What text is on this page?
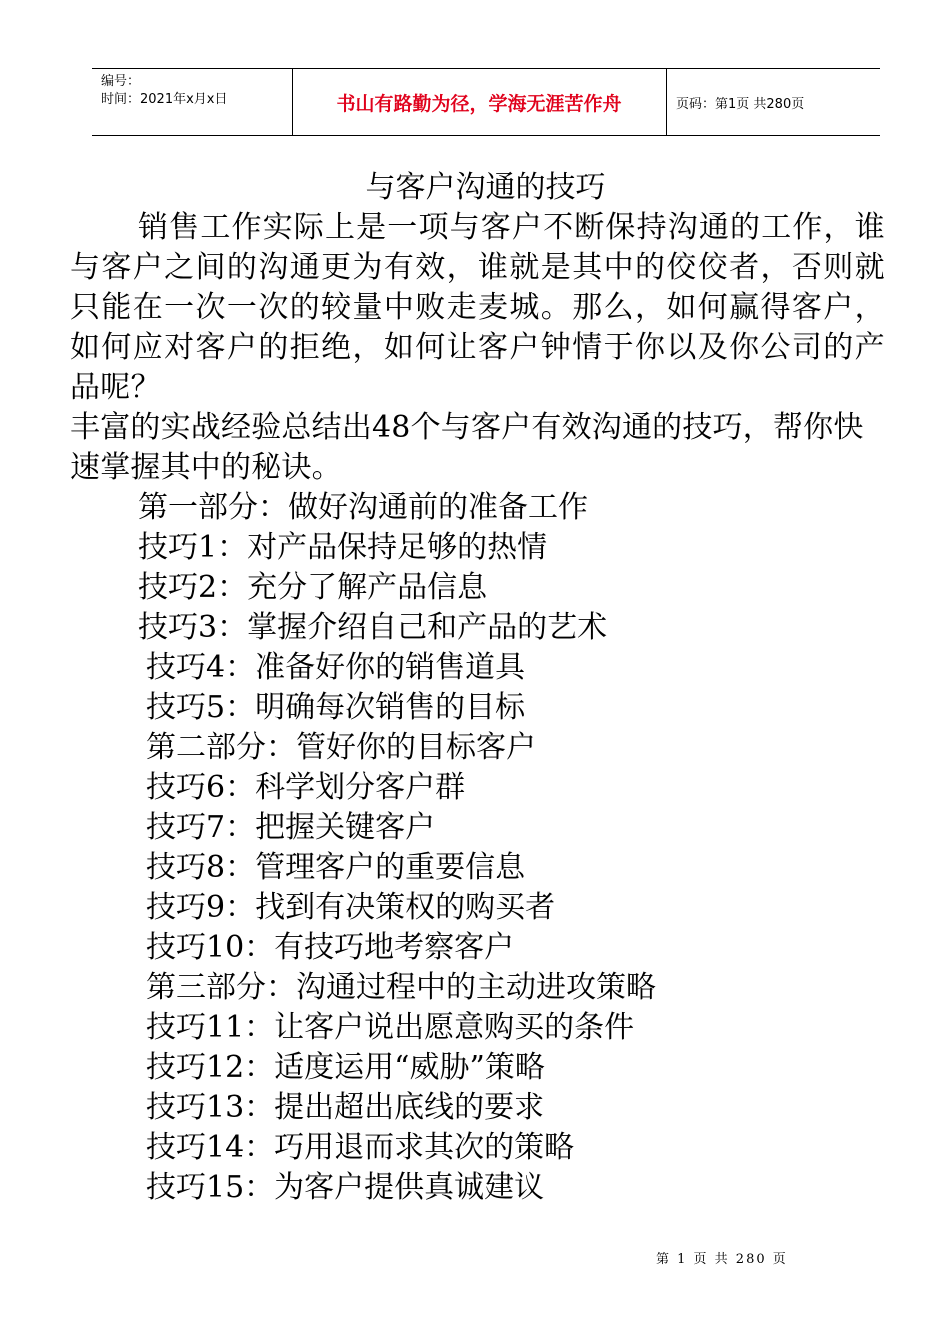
编号：
时间：2021年x月x日	书山有路勤为径，学海无涯苦作舟	页码：第1页 共280页
与客户沟通的技巧

销售工作实际上是一项与客户不断保持沟通的工作，谁与客户之间的沟通更为有效，谁就是其中的佼佼者，否则就只能在一次一次的较量中败走麦城。那么，如何赢得客户，如何应对客户的拒绝，如何让客户钟情于你以及你公司的产品呢？

丰富的实战经验总结出48个与客户有效沟通的技巧，帮你快速掌握其中的秘诀。

第一部分：做好沟通前的准备工作
技巧1：对产品保持足够的热情
技巧2：充分了解产品信息
技巧3：掌握介绍自己和产品的艺术
技巧4：准备好你的销售道具
技巧5：明确每次销售的目标
第二部分：管好你的目标客户
技巧6：科学划分客户群
技巧7：把握关键客户
技巧8：管理客户的重要信息
技巧9：找到有决策权的购买者
技巧10：有技巧地考察客户
第三部分：沟通过程中的主动进攻策略
技巧11：让客户说出愿意购买的条件
技巧12：适度运用“威胁”策略
技巧13：提出超出底线的要求
技巧14：巧用退而求其次的策略
技巧15：为客户提供真诚建议
第 1 页 共 280 页
